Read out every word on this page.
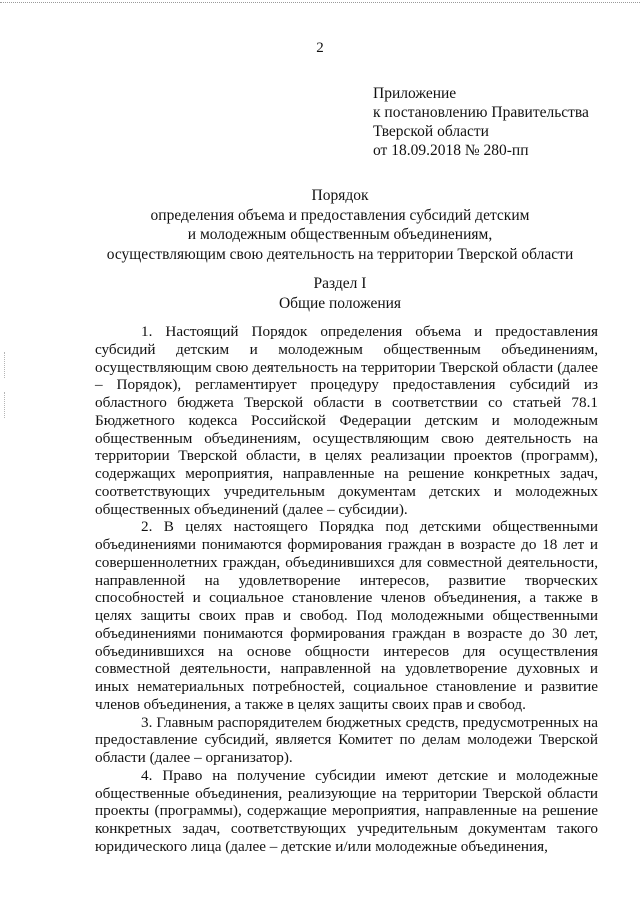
2
Приложение
к постановлению Правительства
Тверской области
от 18.09.2018 № 280-пп
Порядок
определения объема и предоставления субсидий детским
и молодежным общественным объединениям,
осуществляющим свою деятельность на территории Тверской области
Раздел I
Общие положения

1. Настоящий Порядок определения объема и предоставления субсидий детским и молодежным общественным объединениям, осуществляющим свою деятельность на территории Тверской области (далее – Порядок), регламентирует процедуру предоставления субсидий из областного бюджета Тверской области в соответствии со статьей 78.1 Бюджетного кодекса Российской Федерации детским и молодежным общественным объединениям, осуществляющим свою деятельность на территории Тверской области, в целях реализации проектов (программ), содержащих мероприятия, направленные на решение конкретных задач, соответствующих учредительным документам детских и молодежных общественных объединений (далее – субсидии).

2. В целях настоящего Порядка под детскими общественными объединениями понимаются формирования граждан в возрасте до 18 лет и совершеннолетних граждан, объединившихся для совместной деятельности, направленной на удовлетворение интересов, развитие творческих способностей и социальное становление членов объединения, а также в целях защиты своих прав и свобод. Под молодежными общественными объединениями понимаются формирования граждан в возрасте до 30 лет, объединившихся на основе общности интересов для осуществления совместной деятельности, направленной на удовлетворение духовных и иных нематериальных потребностей, социальное становление и развитие членов объединения, а также в целях защиты своих прав и свобод.

3. Главным распорядителем бюджетных средств, предусмотренных на предоставление субсидий, является Комитет по делам молодежи Тверской области (далее – организатор).

4. Право на получение субсидии имеют детские и молодежные общественные объединения, реализующие на территории Тверской области проекты (программы), содержащие мероприятия, направленные на решение конкретных задач, соответствующих учредительным документам такого юридического лица (далее – детские и/или молодежные объединения,
